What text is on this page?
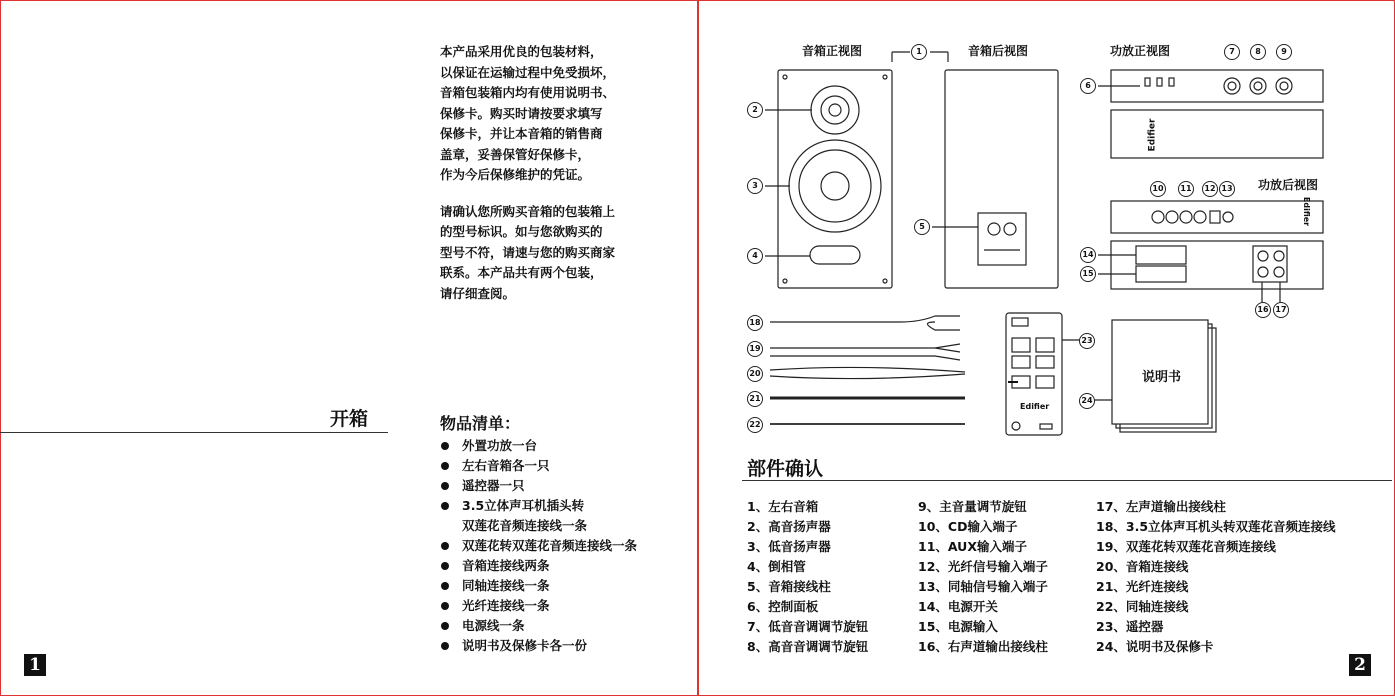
本产品采用优良的包装材料，
以保证在运输过程中免受损坏，
音箱包装箱内均有使用说明书、
保修卡。购买时请按要求填写
保修卡，并让本音箱的销售商
盖章，妥善保管好保修卡，
作为今后保修维护的凭证。

请确认您所购买音箱的包装箱上
的型号标识。如与您欲购买的
型号不符，请速与您的购买商家
联系。本产品共有两个包装，
请仔细查阅。

开箱	物品清单：
外置功放一台
左右音箱各一只
遥控器一只
3.5立体声耳机插头转
双莲花音频连接线一条
双莲花转双莲花音频连接线一条
音箱连接线两条
同轴连接线一条
光纤连接线一条
电源线一条
说明书及保修卡各一份
1
音箱正视图	音箱后视图	功放正视图
功放后视图
说明书
Edifier
Edifier
Edifier
1
2
3
4
5
6
7	8	9
10	11	12 13
14
15
16 17
18
19
20
21
22
23
24
部件确认
1、左右音箱
2、高音扬声器
3、低音扬声器
4、倒相管
5、音箱接线柱
6、控制面板
7、低音音调调节旋钮
8、高音音调调节旋钮
9、主音量调节旋钮
10、CD输入端子
11、AUX输入端子
12、光纤信号输入端子
13、同轴信号输入端子
14、电源开关
15、电源输入
16、右声道输出接线柱
17、左声道输出接线柱
18、3.5立体声耳机头转双莲花音频连接线
19、双莲花转双莲花音频连接线
20、音箱连接线
21、光纤连接线
22、同轴连接线
23、遥控器
24、说明书及保修卡
2
